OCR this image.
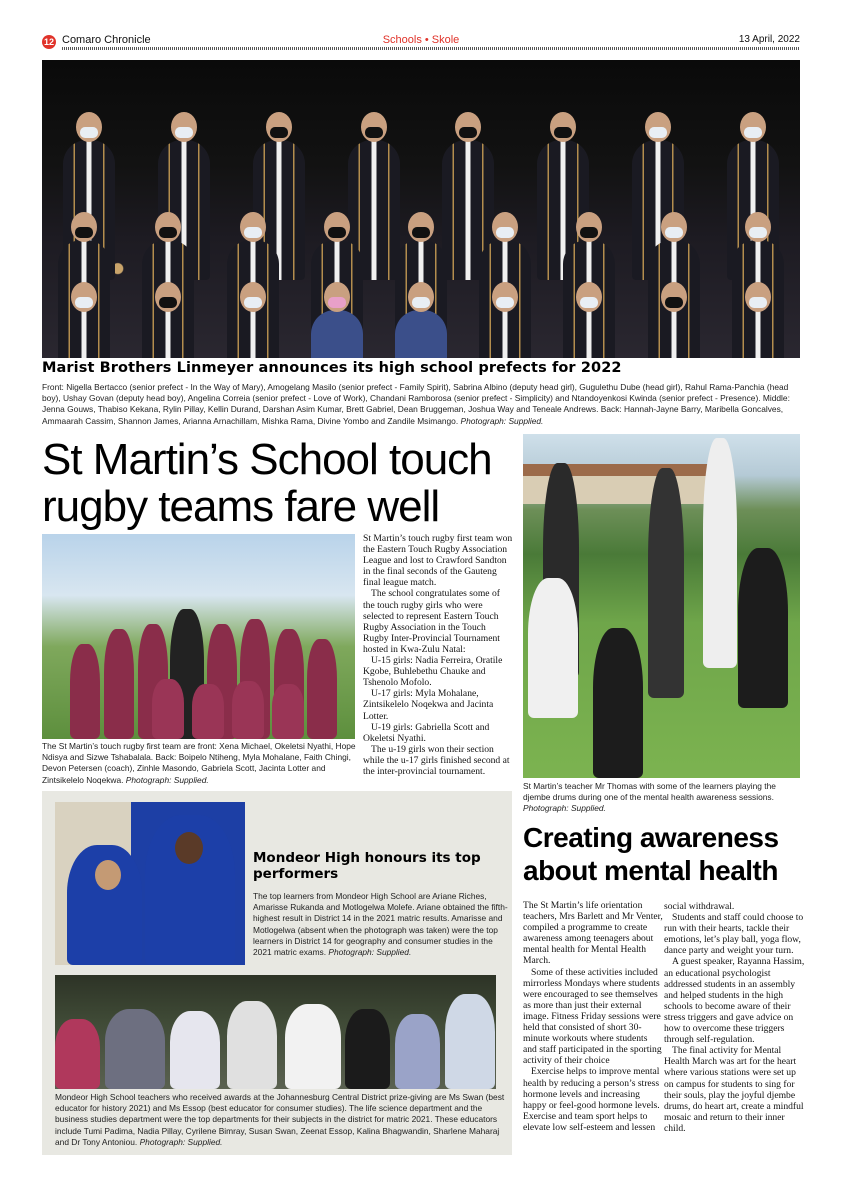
12 Comaro Chronicle	Schools • Skole	13 April, 2022
Marist Brothers Linmeyer announces its high school prefects for 2022
Front: Nigella Bertacco (senior prefect - In the Way of Mary), Amogelang Masilo (senior prefect - Family Spirit), Sabrina Albino (deputy head girl), Gugulethu Dube (head girl), Rahul Rama-Panchia (head boy), Ushay Govan (deputy head boy), Angelina Correia (senior prefect - Love of Work), Chandani Ramborosa (senior prefect - Simplicity) and Ntandoyenkosi Kwinda (senior prefect - Presence). Middle: Jenna Gouws, Thabiso Kekana, Rylin Pillay, Kellin Durand, Darshan Asim Kumar, Brett Gabriel, Dean Bruggeman, Joshua Way and Teneale Andrews. Back: Hannah-Jayne Barry, Maribella Goncalves, Ammaarah Cassim, Shannon James, Arianna Arnachillam, Mishka Rama, Divine Yombo and Zandile Msimango. Photograph: Supplied.
St Martin’s School touch rugby teams fare well

St Martin’s touch rugby first team won the Eastern Touch Rugby Association League and lost to Crawford Sandton in the final seconds of the Gauteng final league match.

The school congratulates some of the touch rugby girls who were selected to represent Eastern Touch Rugby Association in the Touch Rugby Inter-Provincial Tournament hosted in Kwa-Zulu Natal:

U-15 girls: Nadia Ferreira, Oratile Kgobe, Buhlebethu Chauke and Tshenolo Mofolo.

U-17 girls: Myla Mohalane, Zintsikelelo Noqekwa and Jacinta Lotter.

U-19 girls: Gabriella Scott and Okeletsi Nyathi.

The u-19 girls won their section while the u-17 girls finished second at the inter-provincial tournament.

The St Martin’s touch rugby first team are front: Xena Michael, Okeletsi Nyathi, Hope Ndisya and Sizwe Tshabalala. Back: Boipelo Ntiheng, Myla Mohalane, Faith Chingi, Devon Petersen (coach), Zinhle Masondo, Gabriela Scott, Jacinta Lotter and Zintsikelelo Noqekwa. Photograph: Supplied.
St Martin’s teacher Mr Thomas with some of the learners playing the djembe drums during one of the mental health awareness sessions.
Photograph: Supplied.
Mondeor High honours its top performers
The top learners from Mondeor High School are Ariane Riches, Amarisse Rukanda and Motlogelwa Molefe. Ariane obtained the fifth-highest result in District 14 in the 2021 matric results. Amarisse and Motlogelwa (absent when the photograph was taken) were the top learners in District 14 for geography and consumer studies in the 2021 matric exams. Photograph: Supplied.
Mondeor High School teachers who received awards at the Johannesburg Central District prize-giving are Ms Swan (best educator for history 2021) and Ms Essop (best educator for consumer studies). The life science department and the business studies department were the top departments for their subjects in the district for matric 2021. These educators include Tumi Padima, Nadia Pillay, Cyrilene Bimray, Susan Swan, Zeenat Essop, Kalina Bhagwandin, Sharlene Maharaj and Dr Tony Antoniou. Photograph: Supplied.
Creating awareness about mental health

The St Martin’s life orientation teachers, Mrs Barlett and Mr Venter, compiled a programme to create awareness among teenagers about mental health for Mental Health March.

Some of these activities included mirrorless Mondays where students were encouraged to see themselves as more than just their external image. Fitness Friday sessions were held that consisted of short 30-minute workouts where students and staff participated in the sporting activity of their choice

Exercise helps to improve mental health by reducing a person’s stress hormone levels and increasing happy or feel-good hormone levels. Exercise and team sport helps to elevate low self-esteem and lessen

social withdrawal.

Students and staff could choose to run with their hearts, tackle their emotions, let’s play ball, yoga flow, dance party and weight your turn.

A guest speaker, Rayanna Hassim, an educational psychologist addressed students in an assembly and helped students in the high schools to become aware of their stress triggers and gave advice on how to overcome these triggers through self-regulation.

The final activity for Mental Health March was art for the heart where various stations were set up on campus for students to sing for their souls, play the joyful djembe drums, do heart art, create a mindful mosaic and return to their inner child.
